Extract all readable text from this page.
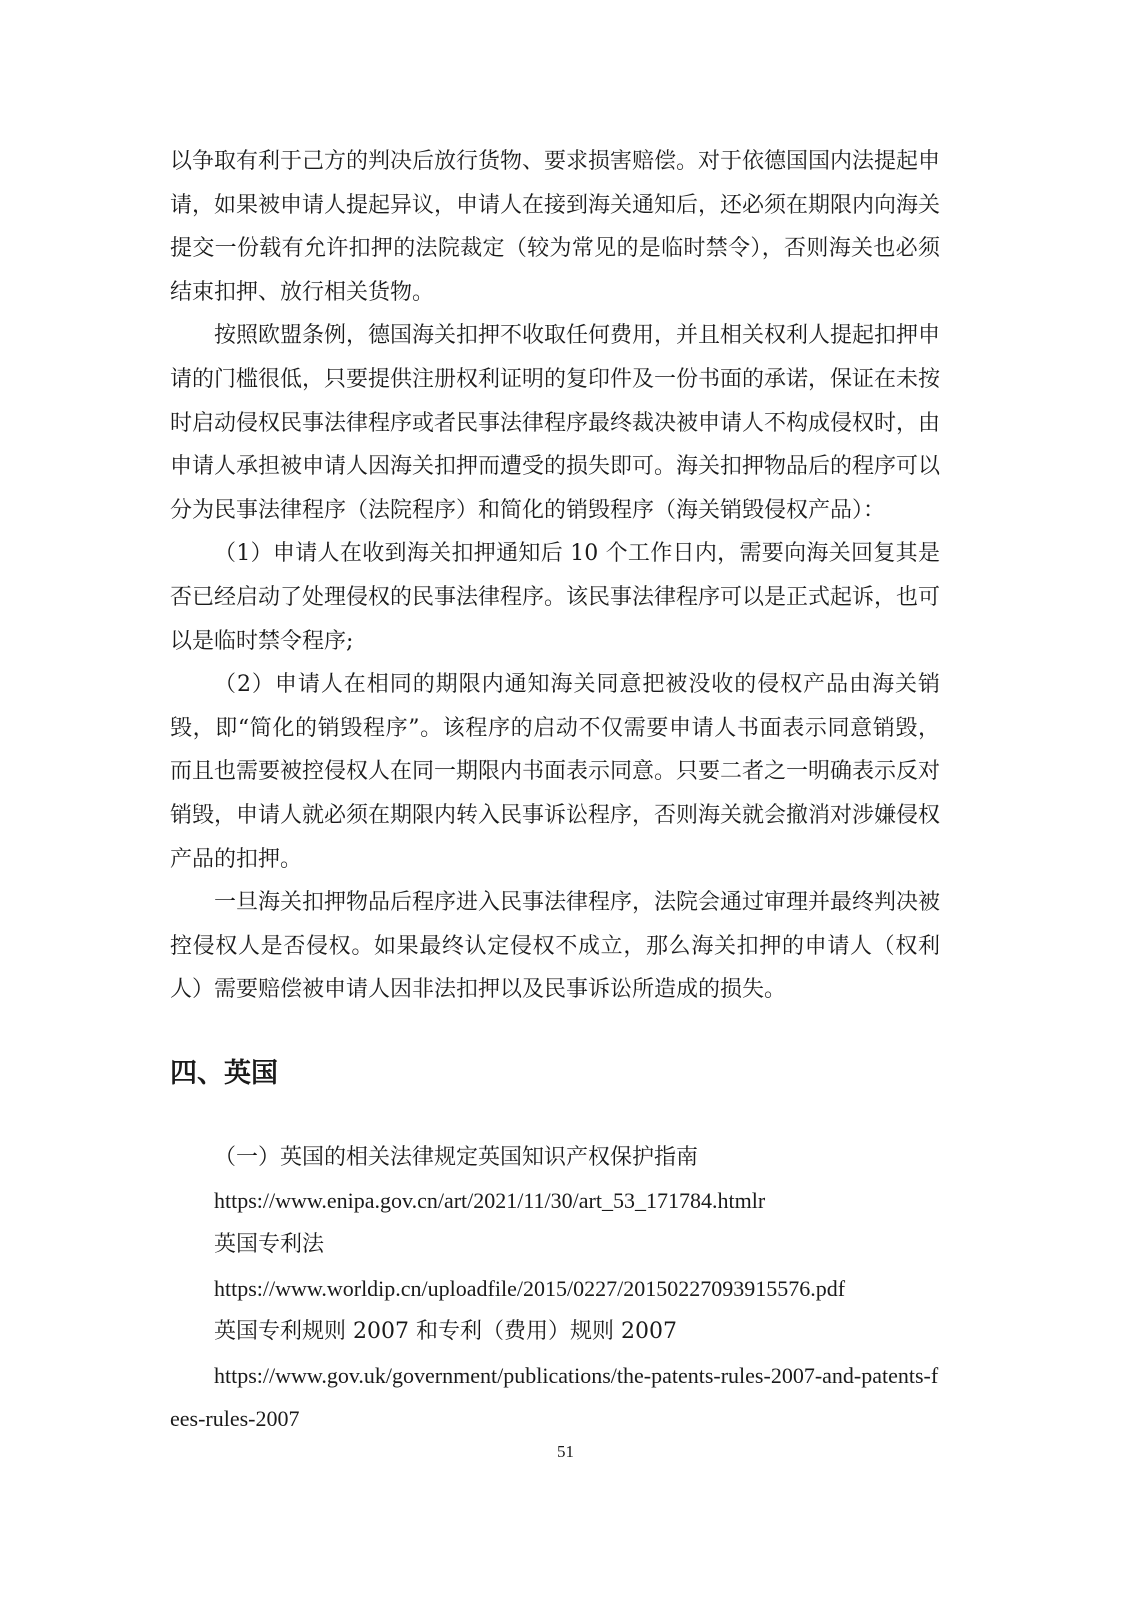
以争取有利于己方的判决后放行货物、要求损害赔偿。对于依德国国内法提起申请，如果被申请人提起异议，申请人在接到海关通知后，还必须在期限内向海关提交一份载有允许扣押的法院裁定（较为常见的是临时禁令），否则海关也必须结束扣押、放行相关货物。

按照欧盟条例，德国海关扣押不收取任何费用，并且相关权利人提起扣押申请的门槛很低，只要提供注册权利证明的复印件及一份书面的承诺，保证在未按时启动侵权民事法律程序或者民事法律程序最终裁决被申请人不构成侵权时，由申请人承担被申请人因海关扣押而遭受的损失即可。海关扣押物品后的程序可以分为民事法律程序（法院程序）和简化的销毁程序（海关销毁侵权产品）：

（1）申请人在收到海关扣押通知后 10 个工作日内，需要向海关回复其是否已经启动了处理侵权的民事法律程序。该民事法律程序可以是正式起诉，也可以是临时禁令程序;

（2）申请人在相同的期限内通知海关同意把被没收的侵权产品由海关销毁，即“简化的销毁程序”。该程序的启动不仅需要申请人书面表示同意销毁，而且也需要被控侵权人在同一期限内书面表示同意。只要二者之一明确表示反对销毁，申请人就必须在期限内转入民事诉讼程序，否则海关就会撤消对涉嫌侵权产品的扣押。

一旦海关扣押物品后程序进入民事法律程序，法院会通过审理并最终判决被控侵权人是否侵权。如果最终认定侵权不成立，那么海关扣押的申请人（权利人）需要赔偿被申请人因非法扣押以及民事诉讼所造成的损失。

四、英国

（一）英国的相关法律规定英国知识产权保护指南

https://www.enipa.gov.cn/art/2021/11/30/art_53_171784.htmlr

英国专利法

https://www.worldip.cn/uploadfile/2015/0227/20150227093915576.pdf

英国专利规则 2007 和专利（费用）规则 2007

https://www.gov.uk/government/publications/the-patents-rules-2007-and-patents-fees-rules-2007

51
